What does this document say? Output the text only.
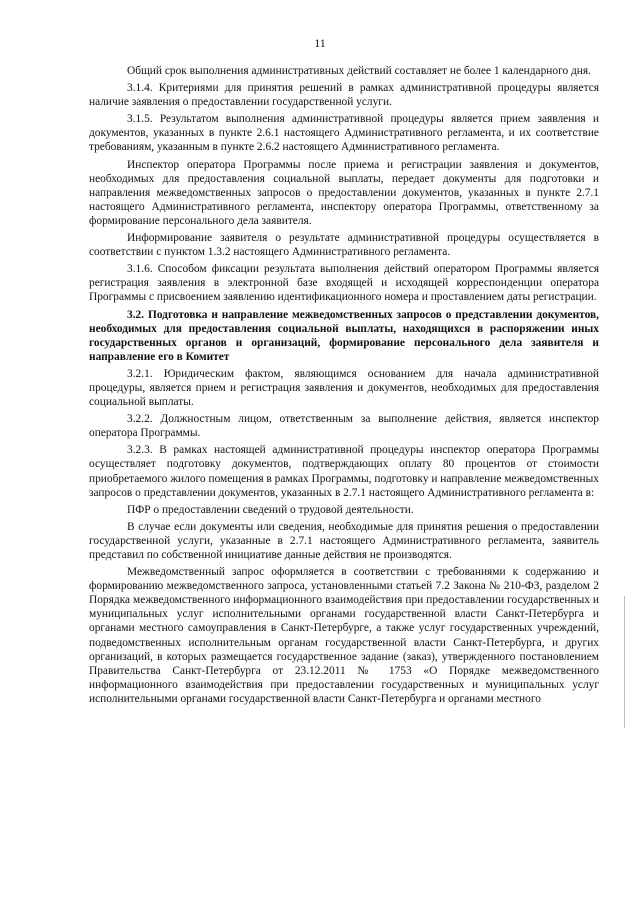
11

Общий срок выполнения административных действий составляет не более 1 календарного дня.

3.1.4. Критериями для принятия решений в рамках административной процедуры является наличие заявления о предоставлении государственной услуги.

3.1.5. Результатом выполнения административной процедуры является прием заявления и документов, указанных в пункте 2.6.1 настоящего Административного регламента, и их соответствие требованиям, указанным в пункте 2.6.2 настоящего Административного регламента.

Инспектор оператора Программы после приема и регистрации заявления и документов, необходимых для предоставления социальной выплаты, передает документы для подготовки и направления межведомственных запросов о предоставлении документов, указанных в пункте 2.7.1 настоящего Административного регламента, инспектору оператора Программы, ответственному за формирование персонального дела заявителя.

Информирование заявителя о результате административной процедуры осуществляется в соответствии с пунктом 1.3.2 настоящего Административного регламента.

3.1.6. Способом фиксации результата выполнения действий оператором Программы является регистрация заявления в электронной базе входящей и исходящей корреспонденции оператора Программы с присвоением заявлению идентификационного номера и проставлением даты регистрации.

3.2. Подготовка и направление межведомственных запросов о представлении документов, необходимых для предоставления социальной выплаты, находящихся в распоряжении иных государственных органов и организаций, формирование персонального дела заявителя и направление его в Комитет

3.2.1. Юридическим фактом, являющимся основанием для начала административной процедуры, является прием и регистрация заявления и документов, необходимых для предоставления социальной выплаты.

3.2.2. Должностным лицом, ответственным за выполнение действия, является инспектор оператора Программы.

3.2.3. В рамках настоящей административной процедуры инспектор оператора Программы осуществляет подготовку документов, подтверждающих оплату 80 процентов от стоимости приобретаемого жилого помещения в рамках Программы, подготовку и направление межведомственных запросов о представлении документов, указанных в 2.7.1 настоящего Административного регламента в:

ПФР о предоставлении сведений о трудовой деятельности.

В случае если документы или сведения, необходимые для принятия решения о предоставлении государственной услуги, указанные в 2.7.1 настоящего Административного регламента, заявитель представил по собственной инициативе данные действия не производятся.

Межведомственный запрос оформляется в соответствии с требованиями к содержанию и формированию межведомственного запроса, установленными статьей 7.2 Закона № 210-ФЗ, разделом 2 Порядка межведомственного информационного взаимодействия при предоставлении государственных и муниципальных услуг исполнительными органами государственной власти Санкт-Петербурга и органами местного самоуправления в Санкт-Петербурге, а также услуг государственных учреждений, подведомственных исполнительным органам государственной власти Санкт-Петербурга, и других организаций, в которых размещается государственное задание (заказ), утвержденного постановлением Правительства Санкт-Петербурга от 23.12.2011 № 1753 «О Порядке межведомственного информационного взаимодействия при предоставлении государственных и муниципальных услуг исполнительными органами государственной власти Санкт-Петербурга и органами местного
